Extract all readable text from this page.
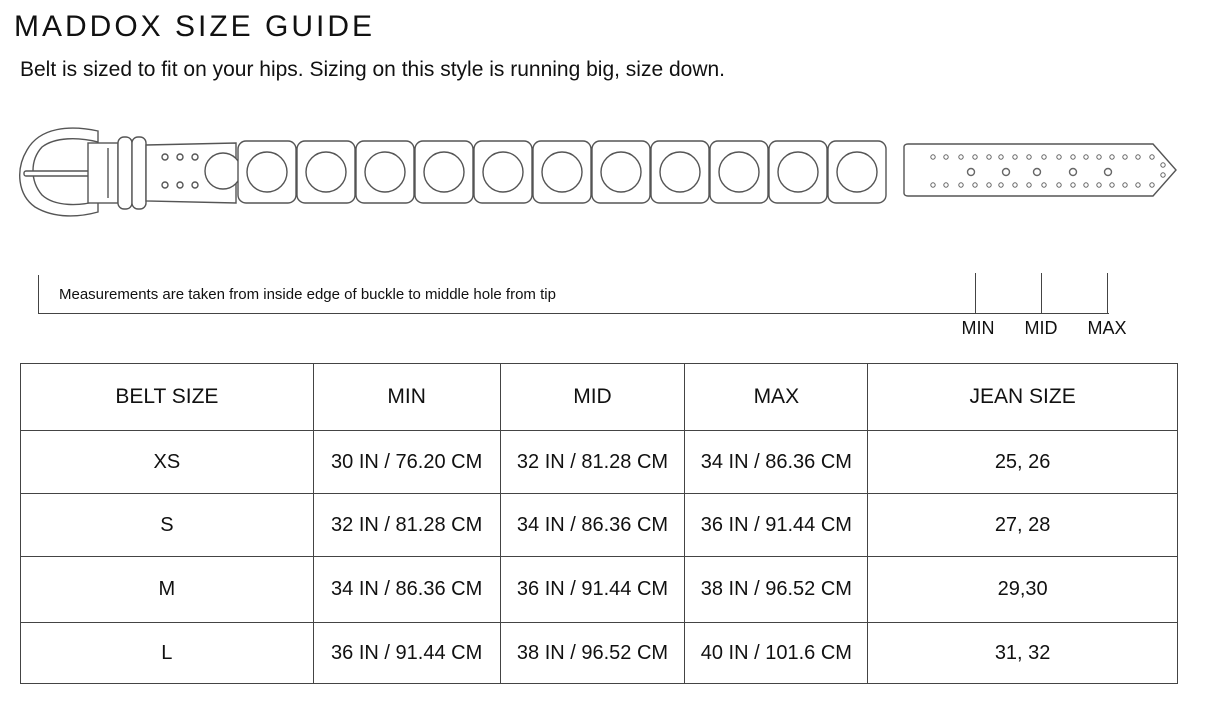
MADDOX SIZE GUIDE
Belt is sized to fit on your hips. Sizing on this style is running big, size down.
Measurements are taken from inside edge of buckle to middle hole from tip
MIN MID MAX
BELT SIZE	MIN	MID	MAX	JEAN SIZE
XS	30 IN / 76.20 CM	32 IN / 81.28 CM	34 IN / 86.36 CM	25, 26
S	32 IN / 81.28 CM	34 IN / 86.36 CM	36 IN / 91.44 CM	27, 28
M	34 IN / 86.36 CM	36 IN / 91.44 CM	38 IN / 96.52 CM	29,30
L	36 IN / 91.44 CM	38 IN / 96.52 CM	40 IN / 101.6 CM	31, 32
